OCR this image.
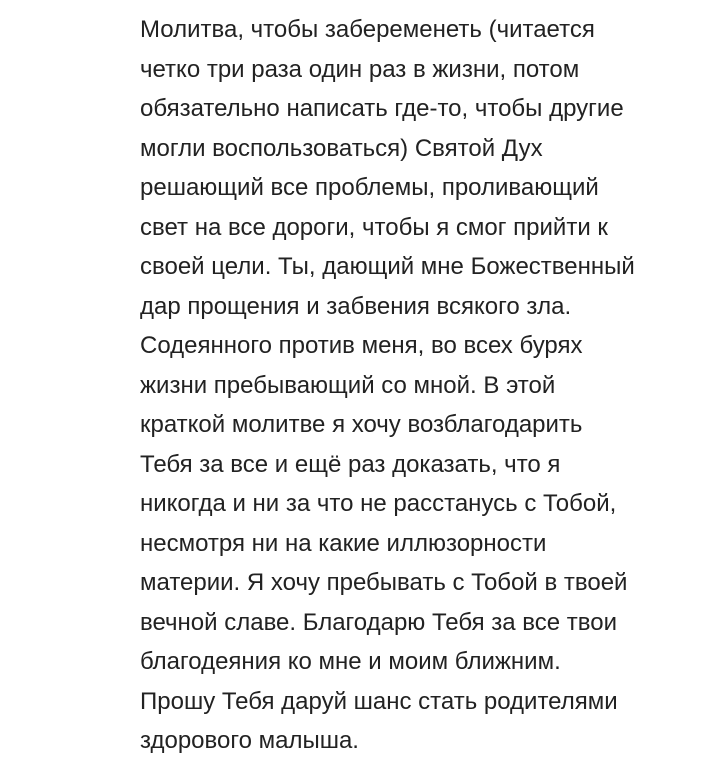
Молитва, чтобы забеременеть (читается
четко три раза один раз в жизни, потом
обязательно написать где-то, чтобы другие
могли воспользоваться) Святой Дух
решающий все проблемы, проливающий
свет на все дороги, чтобы я смог прийти к
своей цели. Ты, дающий мне Божественный
дар прощения и забвения всякого зла.
Содеянного против меня, во всех бурях
жизни пребывающий со мной. В этой
краткой молитве я хочу возблагодарить
Тебя за все и ещё раз доказать, что я
никогда и ни за что не расстанусь с Тобой,
несмотря ни на какие иллюзорности
материи. Я хочу пребывать с Тобой в твоей
вечной славе. Благодарю Тебя за все твои
благодеяния ко мне и моим ближним.
Прошу Тебя даруй шанс стать родителями
здорового малыша.
